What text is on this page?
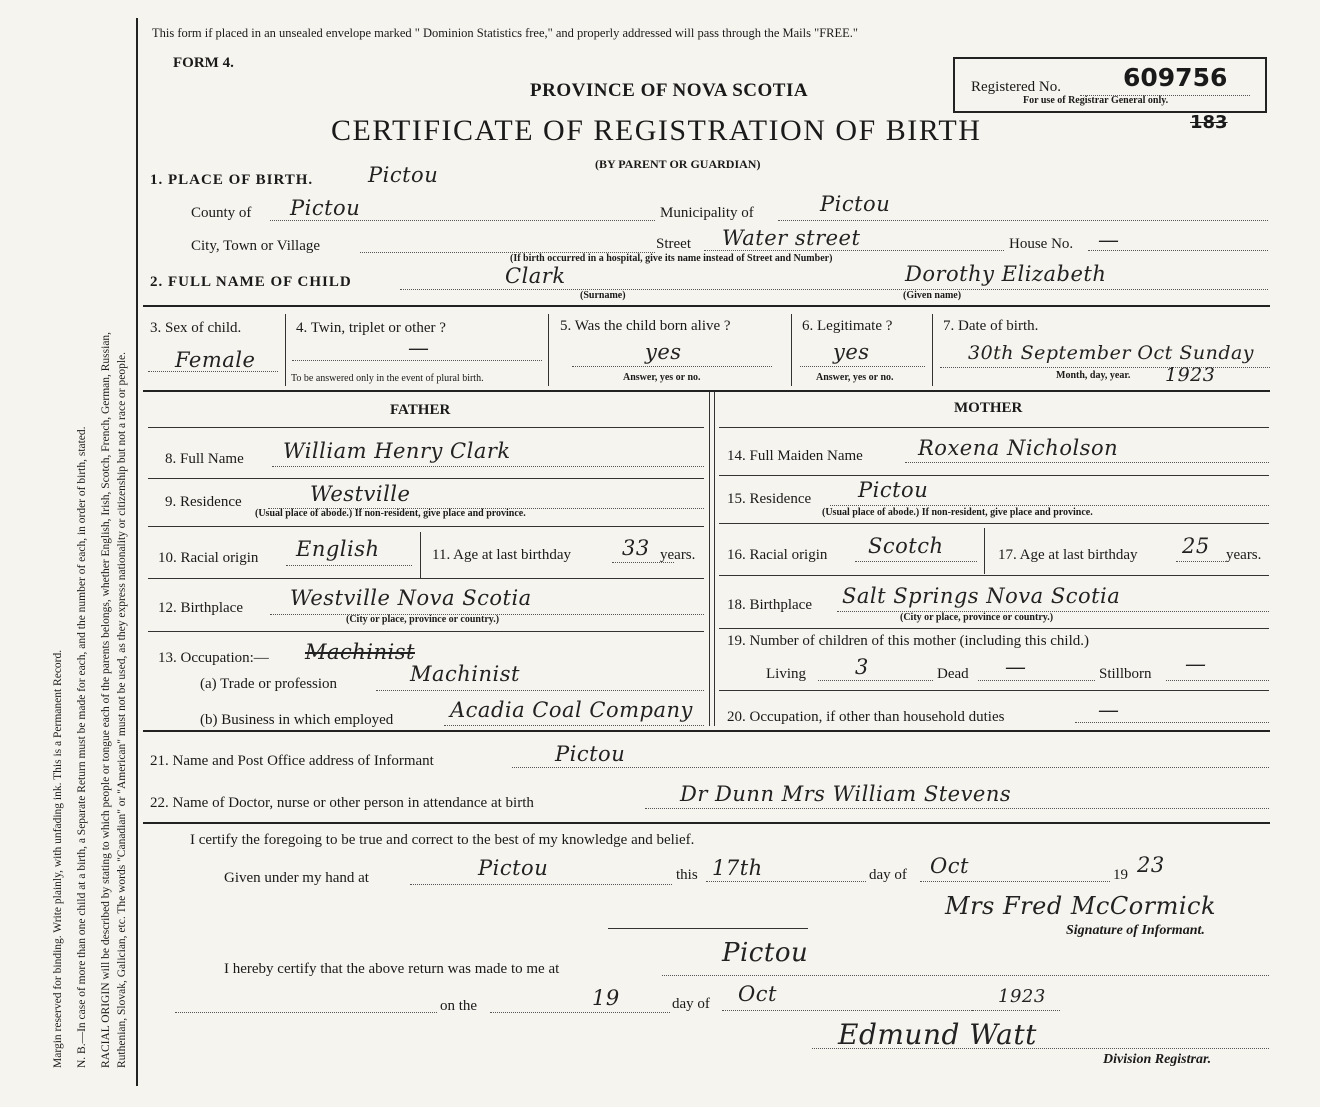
Margin reserved for binding. Write plainly, with unfading ink. This is a Permanent Record. N. B.—In case of more than one child at a birth, a Separate Return must be made for each, and the number of each, in order of birth, stated. RACIAL ORIGIN will be described by stating to which people or tongue each of the parents belongs, whether English, Irish, Scotch, French, German, Russian, Ruthenian, Slovak, Galician, etc. The words "Canadian" or "American" must not be used, as they express nationality or citizenship but not a race or people.
This form if placed in an unsealed envelope marked " Dominion Statistics free," and properly addressed will pass through the Mails "FREE."
FORM 4.
PROVINCE OF NOVA SCOTIA
CERTIFICATE OF REGISTRATION OF BIRTH
(BY PARENT OR GUARDIAN)
Registered No. 609756
For use of Registrar General only.
183
1. PLACE OF BIRTH.	Pictou
County of Pictou	Municipality of	Pictou
City, Town or Village	Street Water street	House No. —
(If birth occurred in a hospital, give its name instead of Street and Number)
2. FULL NAME OF CHILD	Clark
(Surname)
Dorothy Elizabeth
(Given name)
3. Sex of child.
Female
4. Twin, triplet or other ?
—
To be answered only in the event of plural birth.
5. Was the child born alive ?
yes
Answer, yes or no.
6. Legitimate ?
yes
Answer, yes or no.
7. Date of birth.
30th September Oct Sunday
Month, day, year. 1923
FATHER
8. Full Name William Henry Clark
9. Residence	Westville
(Usual place of abode.) If non-resident, give place and province.
10. Racial origin English	11. Age at last birthday 33 years.
12. Birthplace Westville Nova Scotia
(City or place, province or country.)
13. Occupation:— Machinist
(a) Trade or profession	Machinist
(b) Business in which employed	Acadia Coal Company
MOTHER
14. Full Maiden Name	Roxena Nicholson
15. Residence Pictou
(Usual place of abode.) If non-resident, give place and province.
16. Racial origin Scotch	17. Age at last birthday 25 years.
18. Birthplace Salt Springs Nova Scotia
(City or place, province or country.)
19. Number of children of this mother (including this child.)
Living 3	Dead —	Stillborn —
20. Occupation, if other than household duties	—
21. Name and Post Office address of Informant	Pictou
22. Name of Doctor, nurse or other person in attendance at birth	Dr Dunn Mrs William Stevens
I certify the foregoing to be true and correct to the best of my knowledge and belief.
Given under my hand at	Pictou	this 17th	day of Oct	19 23
Mrs Fred McCormick
Signature of Informant.
I hereby certify that the above return was made to me at
Pictou
on the	19	day of Oct	1923
Edmund Watt
Division Registrar.
